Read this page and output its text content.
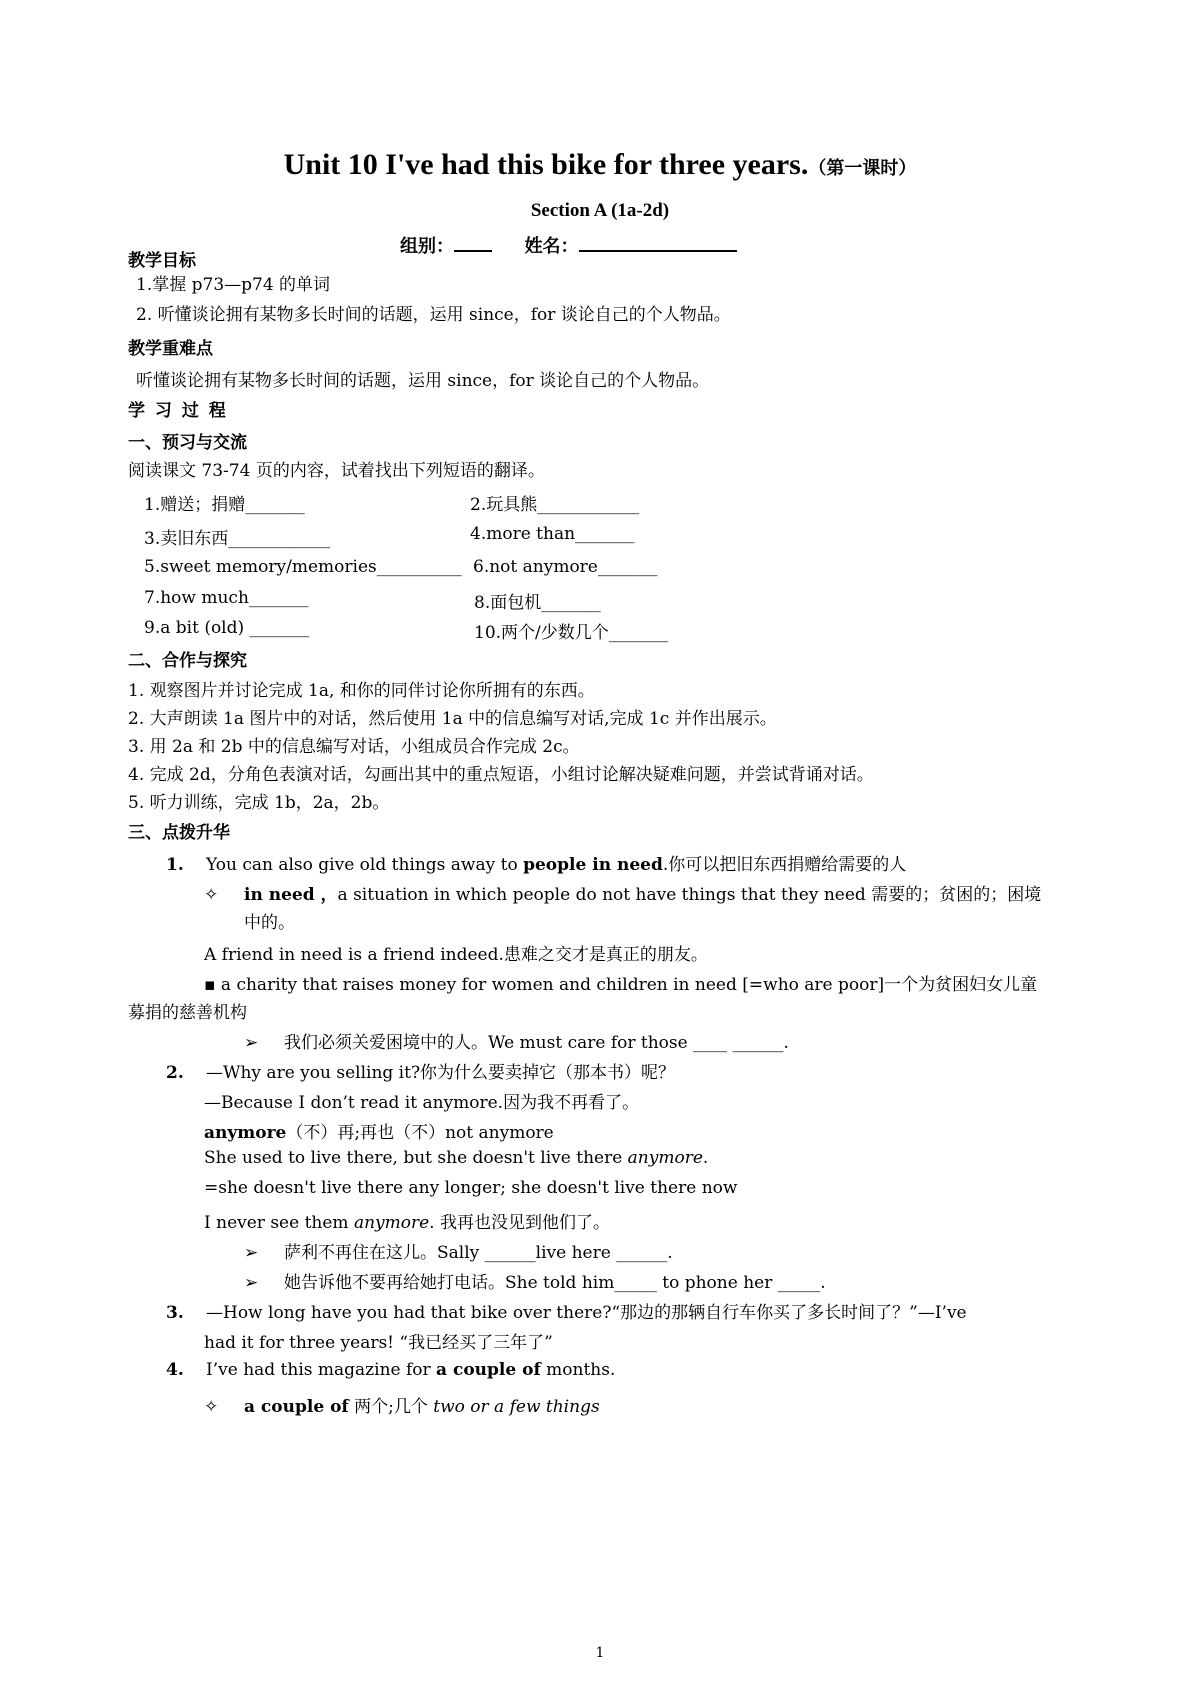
Unit 10 I've had this bike for three years.（第一课时）
Section A (1a-2d)
组别：	姓名：
教学目标
1.掌握 p73—p74 的单词
2. 听懂谈论拥有某物多长时间的话题，运用 since，for 谈论自己的个人物品。
教学重难点
听懂谈论拥有某物多长时间的话题，运用 since，for 谈论自己的个人物品。
学 习 过 程
一、预习与交流
阅读课文 73-74 页的内容，试着找出下列短语的翻译。
1.赠送；捐赠_______	2.玩具熊____________
3.卖旧东西____________	4.more than_______
5.sweet memory/memories__________ 6.not anymore_______
7.how much_______	8.面包机_______
9.a bit (old) _______	10.两个/少数几个_______
二、合作与探究
1. 观察图片并讨论完成 1a, 和你的同伴讨论你所拥有的东西。
2. 大声朗读 1a 图片中的对话，然后使用 1a 中的信息编写对话,完成 1c 并作出展示。
3. 用 2a 和 2b 中的信息编写对话，小组成员合作完成 2c。
4. 完成 2d，分角色表演对话，勾画出其中的重点短语，小组讨论解决疑难问题，并尝试背诵对话。
5. 听力训练，完成 1b，2a，2b。
三、点拨升华
1. You can also give old things away to people in need.你可以把旧东西捐赠给需要的人
✧ in need ，a situation in which people do not have things that they need 需要的；贫困的；困境
中的。
A friend in need is a friend indeed.患难之交才是真正的朋友。
▪ a charity that raises money for women and children in need [=who are poor]一个为贫困妇女儿童
募捐的慈善机构
➢ 我们必须关爱困境中的人。We must care for those ____ ______.
2. —Why are you selling it?你为什么要卖掉它（那本书）呢？
—Because I don’t read it anymore.因为我不再看了。
anymore（不）再;再也（不）not anymore
She used to live there, but she doesn't live there anymore.
=she doesn't live there any longer; she doesn't live there now
I never see them anymore. 我再也没见到他们了。
➢ 萨利不再住在这儿。Sally ______live here ______.
➢ 她告诉他不要再给她打电话。She told him_____ to phone her _____.
3. —How long have you had that bike over there?“那边的那辆自行车你买了多长时间了？”—I’ve
had it for three years! “我已经买了三年了”
4. I’ve had this magazine for a couple of months.
✧ a couple of 两个;几个 two or a few things
1
